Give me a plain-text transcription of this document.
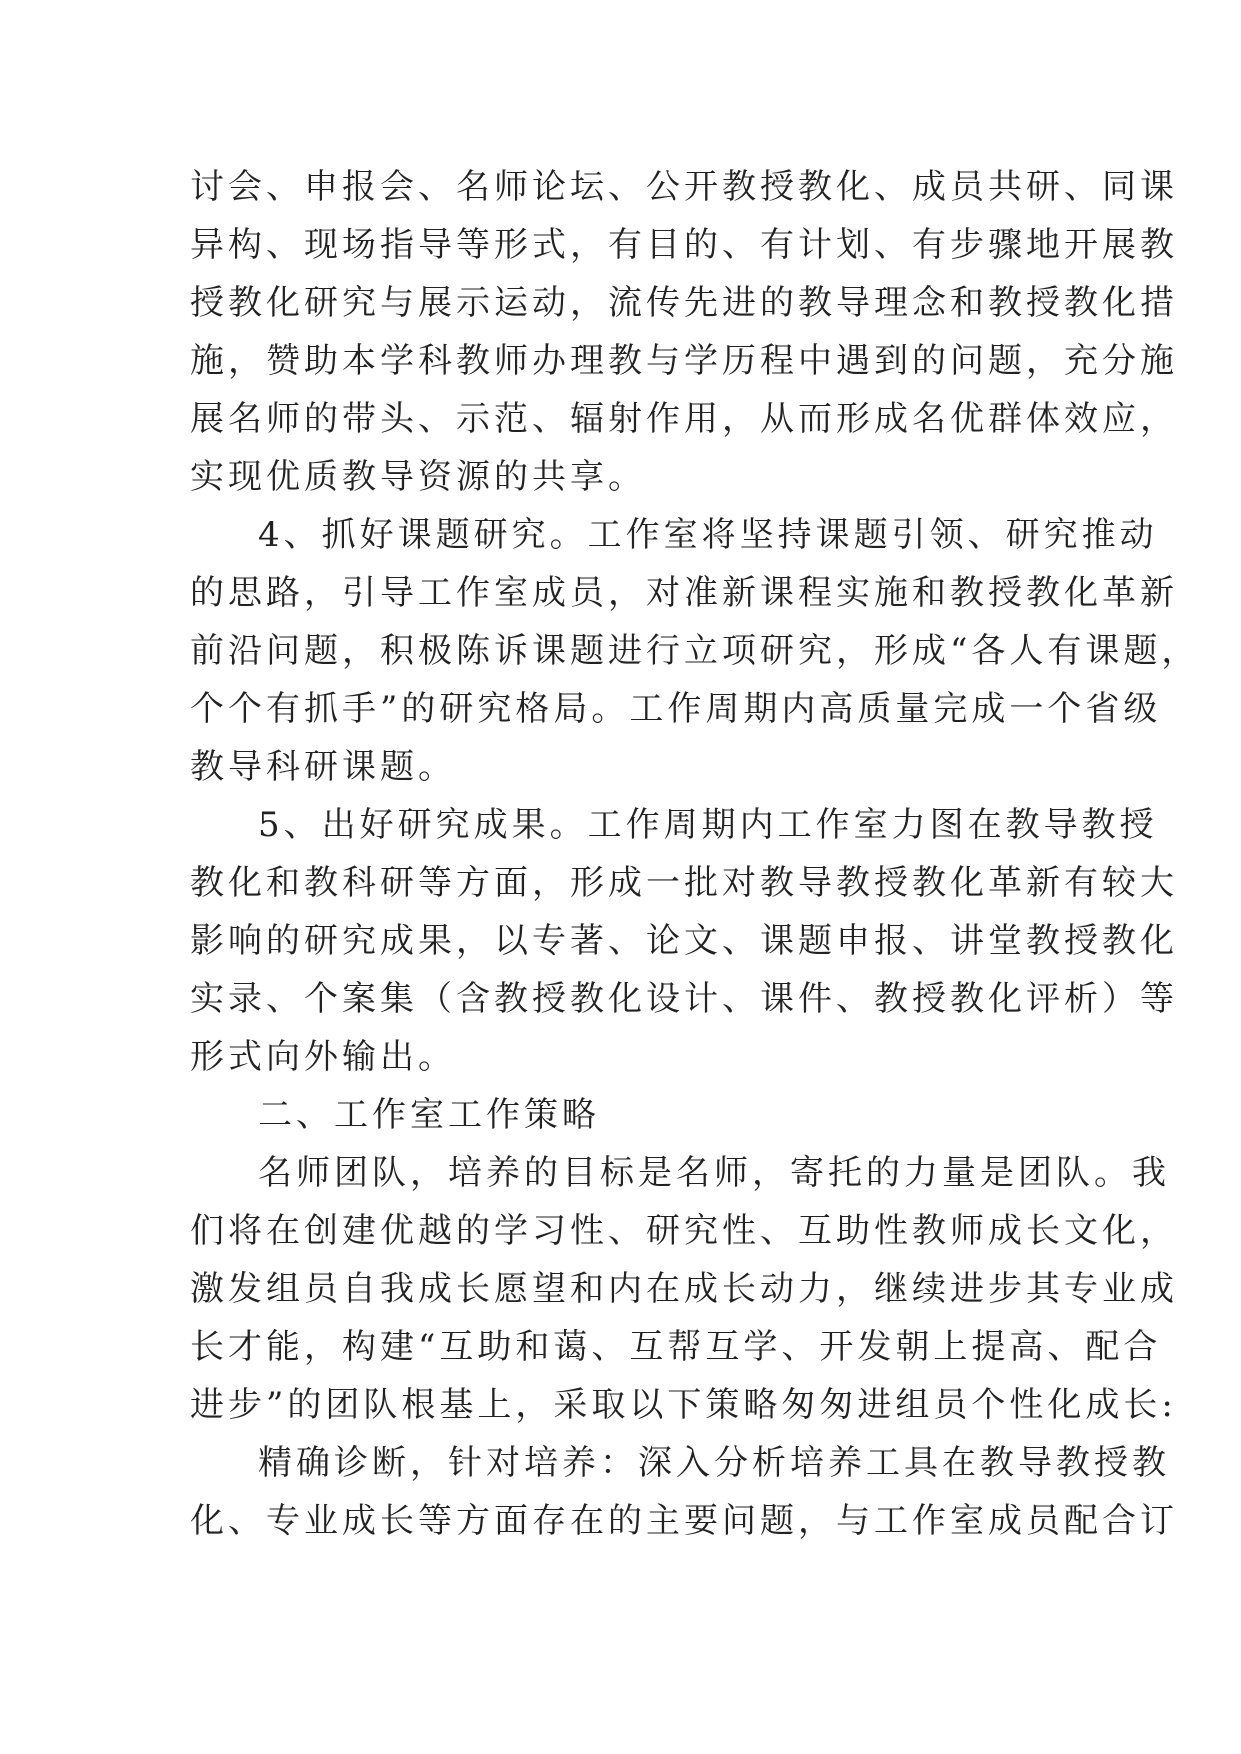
讨会、申报会、名师论坛、公开教授教化、成员共研、同课
异构、现场指导等形式，有目的、有计划、有步骤地开展教
授教化研究与展示运动，流传先进的教导理念和教授教化措
施，赞助本学科教师办理教与学历程中遇到的问题，充分施
展名师的带头、示范、辐射作用，从而形成名优群体效应，
实现优质教导资源的共享。
4、抓好课题研究。工作室将坚持课题引领、研究推动
的思路，引导工作室成员，对准新课程实施和教授教化革新
前沿问题，积极陈诉课题进行立项研究，形成“各人有课题，
个个有抓手”的研究格局。工作周期内高质量完成一个省级
教导科研课题。
5、出好研究成果。工作周期内工作室力图在教导教授
教化和教科研等方面，形成一批对教导教授教化革新有较大
影响的研究成果，以专著、论文、课题申报、讲堂教授教化
实录、个案集（含教授教化设计、课件、教授教化评析）等
形式向外输出。
二、工作室工作策略
名师团队，培养的目标是名师，寄托的力量是团队。我
们将在创建优越的学习性、研究性、互助性教师成长文化，
激发组员自我成长愿望和内在成长动力，继续进步其专业成
长才能，构建“互助和蔼、互帮互学、开发朝上提高、配合
进步”的团队根基上，采取以下策略匆匆进组员个性化成长:
精确诊断，针对培养：深入分析培养工具在教导教授教
化、专业成长等方面存在的主要问题，与工作室成员配合订
